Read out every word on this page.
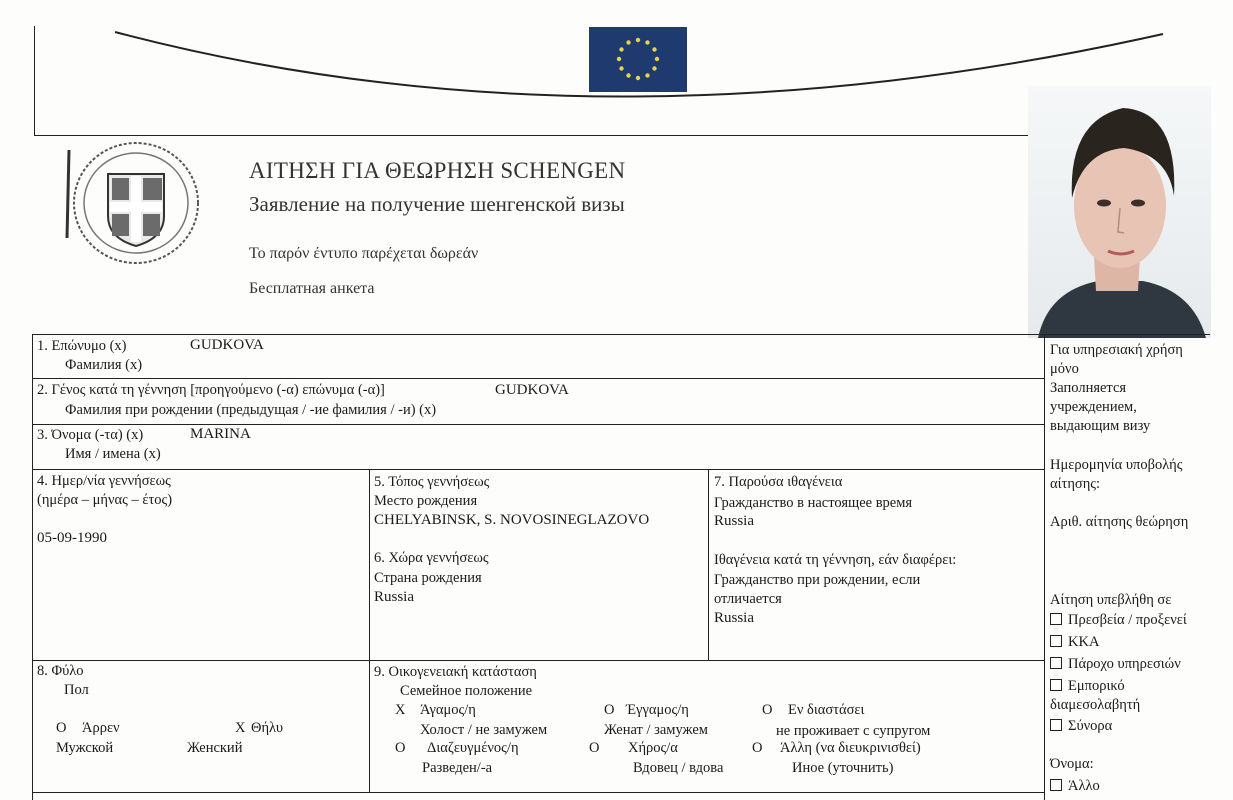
ΑΙΤΗΣΗ ΓΙΑ ΘΕΩΡΗΣΗ SCHENGEN
Заявление на получение шенгенской визы
Το παρόν έντυπο παρέχεται δωρεάν
Бесплатная анкета
1. Επώνυμο (x)	GUDKOVA
Фамилия (x)
2. Γένος κατά τη γέννηση [προηγούμενο (-α) επώνυμα (-α)]	GUDKOVA
Фамилия при рождении (предыдущая / -ие фамилия / -и) (x)
3. Όνομα (-τα) (x)	MARINA
Имя / имена (x)
4. Ημερ/νία γεννήσεως
(ημέρα – μήνας – έτος)
05-09-1990
5. Τόπος γεννήσεως
Место рождения
CHELYABINSK, S. NOVOSINEGLAZOVO
6. Χώρα γεννήσεως
Страна рождения
Russia
7. Παρούσα ιθαγένεια
Гражданство в настоящее время
Russia
Ιθαγένεια κατά τη γέννηση, εάν διαφέρει:
Гражданство при рождении, если
отличается
Russia
8. Φύλο
Пол
O Άρρεν	X Θήλυ
Мужской	Женский
9. Οικογενειακή κατάσταση
Семейное положение
X Άγαμος/η
Холост / не замужем
O Έγγαμος/η
Женат / замужем
O Εν διαστάσει
не проживает с супругом
O Διαζευγμένος/η
Разведен/-а
O Χήρος/α
Вдовец / вдова
O Άλλη (να διευκρινισθεί)
Иное (уточнить)
Για υπηρεσιακή χρήση
μόνο
Заполняется
учреждением,
выдающим визу
Ημερομηνία υποβολής
αίτησης:
Αριθ. αίτησης θεώρηση
Αίτηση υπεβλήθη σε
Πρεσβεία / προξενεί
ΚΚΑ
Πάροχο υπηρεσιών
Εμπορικό
διαμεσολαβητή
Σύνορα
Όνομα:
Άλλο
